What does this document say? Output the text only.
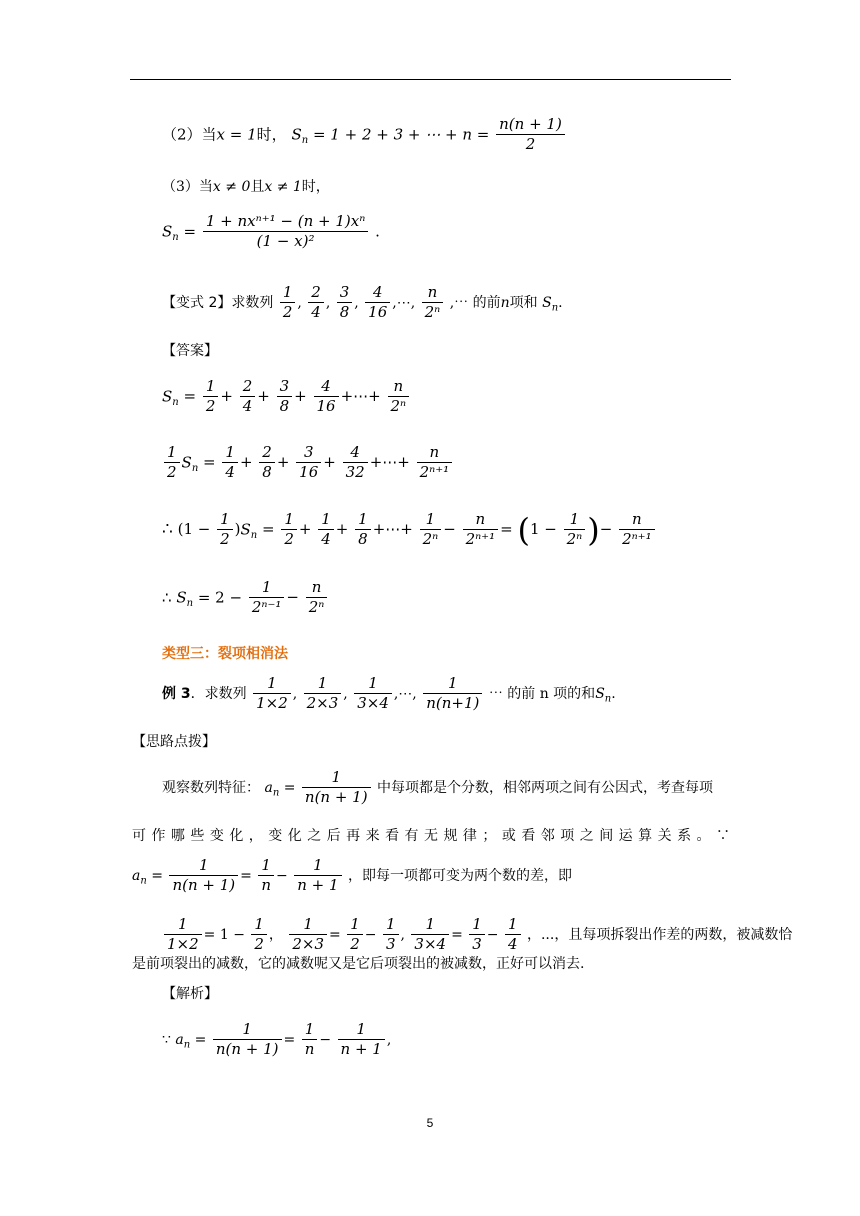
（2）当x = 1时， $S_n = 1 + 2 + 3$ + ⋯ + $n = \frac{n(n + 1)}{2}$
（3）当x ≠ 0且x ≠ 1时，
$S_n = \frac{\text{1 + nxⁿ⁺¹ − (n + 1)xⁿ}}{\text{(1 − x)²}}$ .
【变式 2】求数列 $\frac{1}{2}$ , $\frac{2}{4}$ , $\frac{3}{8}$ , $\frac{4}{16}$ ,⋯, $\frac{n}{\text{2ⁿ}}$ ,⋯ 的前n项和 $S_n$.
【答案】
$S_n = \frac{1}{2} + \frac{2}{4} + \frac{3}{8} + \frac{4}{16}$ +⋯+ $\frac{n}{\text{2ⁿ}}$
$\frac{1}{2} S_n = \frac{1}{4} + \frac{2}{8} + \frac{3}{16} + \frac{4}{32}$ +⋯+ $\frac{n}{\text{2ⁿ⁺¹}}$
∴ $(1 - \frac{1}{2} )S_n = \frac{1}{2} + \frac{1}{4} + \frac{1}{8}$ +⋯+ $\frac{1}{\text{2ⁿ}} - \frac{n}{\text{2ⁿ⁺¹}} = (1 - \frac{1}{\text{2ⁿ}}$ )− $\frac{n}{\text{2ⁿ⁺¹}}$
∴ $S_n = 2 - \frac{1}{\text{2ⁿ⁻¹}} - \frac{n}{\text{2ⁿ}}$
类型三：裂项相消法
例 3．求数列 $\frac{1}{1\times 2}$ , $\frac{1}{2\times 3}$ , $\frac{1}{3\times 4}$ ,⋯, $\frac{1}{n(n+1)}$ ⋯ 的前 n 项的和$S_n$.
【思路点拨】
观察数列特征： $a_n = \frac{1}{n(n + 1)}$ 中每项都是个分数，相邻两项之间有公因式，考查每项
可作哪些变化，变化之后再来看有无规律；或看邻项之间运算关系。∵
$a_n = \frac{1}{n(n + 1)} = \frac{1}{n} - \frac{1}{n + 1}$ ，即每一项都可变为两个数的差，即
$\frac{1}{1\times 2} = 1 - \frac{1}{2}$ ， $\frac{1}{2\times 3} = \frac{1}{2} - \frac{1}{3}$ , $\frac{1}{3\times 4} = \frac{1}{3} - \frac{1}{4}$ ，...，且每项拆裂出作差的两数，被减数恰
是前项裂出的减数，它的减数呢又是它后项裂出的被减数，正好可以消去.
【解析】
∵ $a_n = \frac{1}{n(n + 1)} = \frac{1}{n} - \frac{1}{n + 1}$ ,
5
